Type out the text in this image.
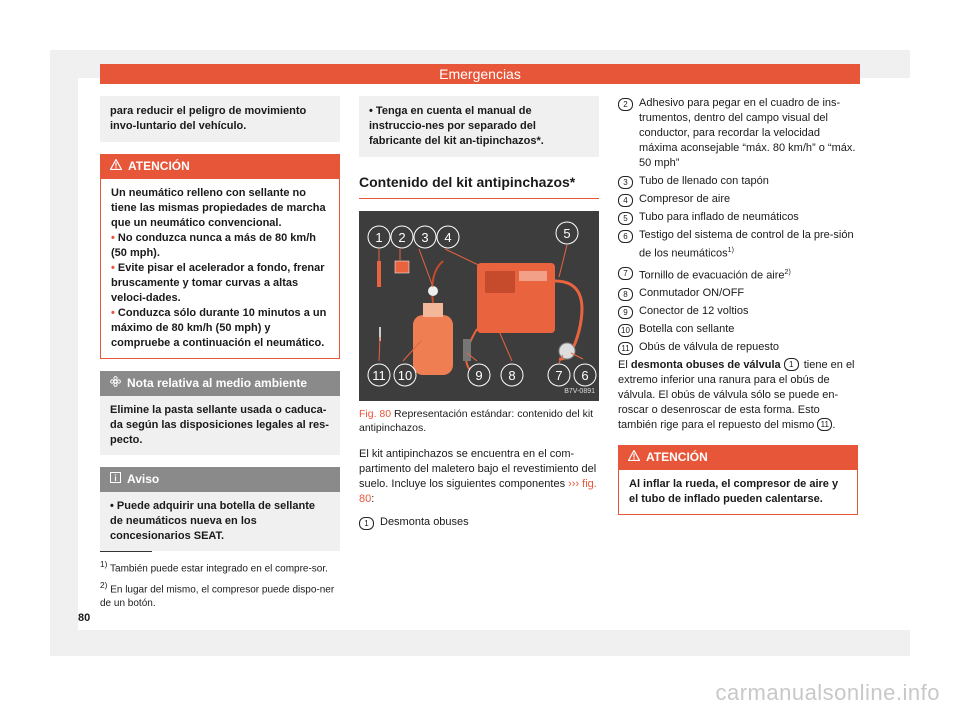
Emergencias
para reducir el peligro de movimiento invo-luntario del vehículo.
ATENCIÓN
Un neumático relleno con sellante no tiene las mismas propiedades de marcha que un neumático convencional.
• No conduzca nunca a más de 80 km/h (50 mph).
• Evite pisar el acelerador a fondo, frenar bruscamente y tomar curvas a altas veloci-dades.
• Conduzca sólo durante 10 minutos a un máximo de 80 km/h (50 mph) y compruebe a continuación el neumático.
Nota relativa al medio ambiente
Elimine la pasta sellante usada o caduca-da según las disposiciones legales al res-pecto.
Aviso
• Puede adquirir una botella de sellante de neumáticos nueva en los concesionarios SEAT.
$^{1)}$ También puede estar integrado en el compre-sor.
$^{2)}$ En lugar del mismo, el compresor puede dispo-ner de un botón.
80
• Tenga en cuenta el manual de instruccio-nes por separado del fabricante del kit an-tipinchazos*.
Contenido del kit antipinchazos*
1 2 3 4	5
6
7
8
9
10
11
B7V-0891
Fig. 80 Representación estándar: contenido del kit antipinchazos.
El kit antipinchazos se encuentra en el com-partimento del maletero bajo el revestimiento del suelo. Incluye los siguientes componentes ››› fig. 80:
1	Desmonta obuses
2	Adhesivo para pegar en el cuadro de ins-trumentos, dentro del campo visual del conductor, para recordar la velocidad máxima aconsejable “máx. 80 km/h” o “máx. 50 mph”
3	Tubo de llenado con tapón
4	Compresor de aire
5	Tubo para inflado de neumáticos
6	Testigo del sistema de control de la pre-sión de los neumáticos$^{1)}$
7	Tornillo de evacuación de aire$^{2)}$
8	Conmutador ON/OFF
9	Conector de 12 voltios
10 Botella con sellante
11 Obús de válvula de repuesto
El desmonta obuses de válvula 1 tiene en el extremo inferior una ranura para el obús de válvula. El obús de válvula sólo se puede en-roscar o desenroscar de esta forma. Esto también rige para el repuesto del mismo 11 .
ATENCIÓN
Al inflar la rueda, el compresor de aire y el tubo de inflado pueden calentarse.
carmanualsonline.info
